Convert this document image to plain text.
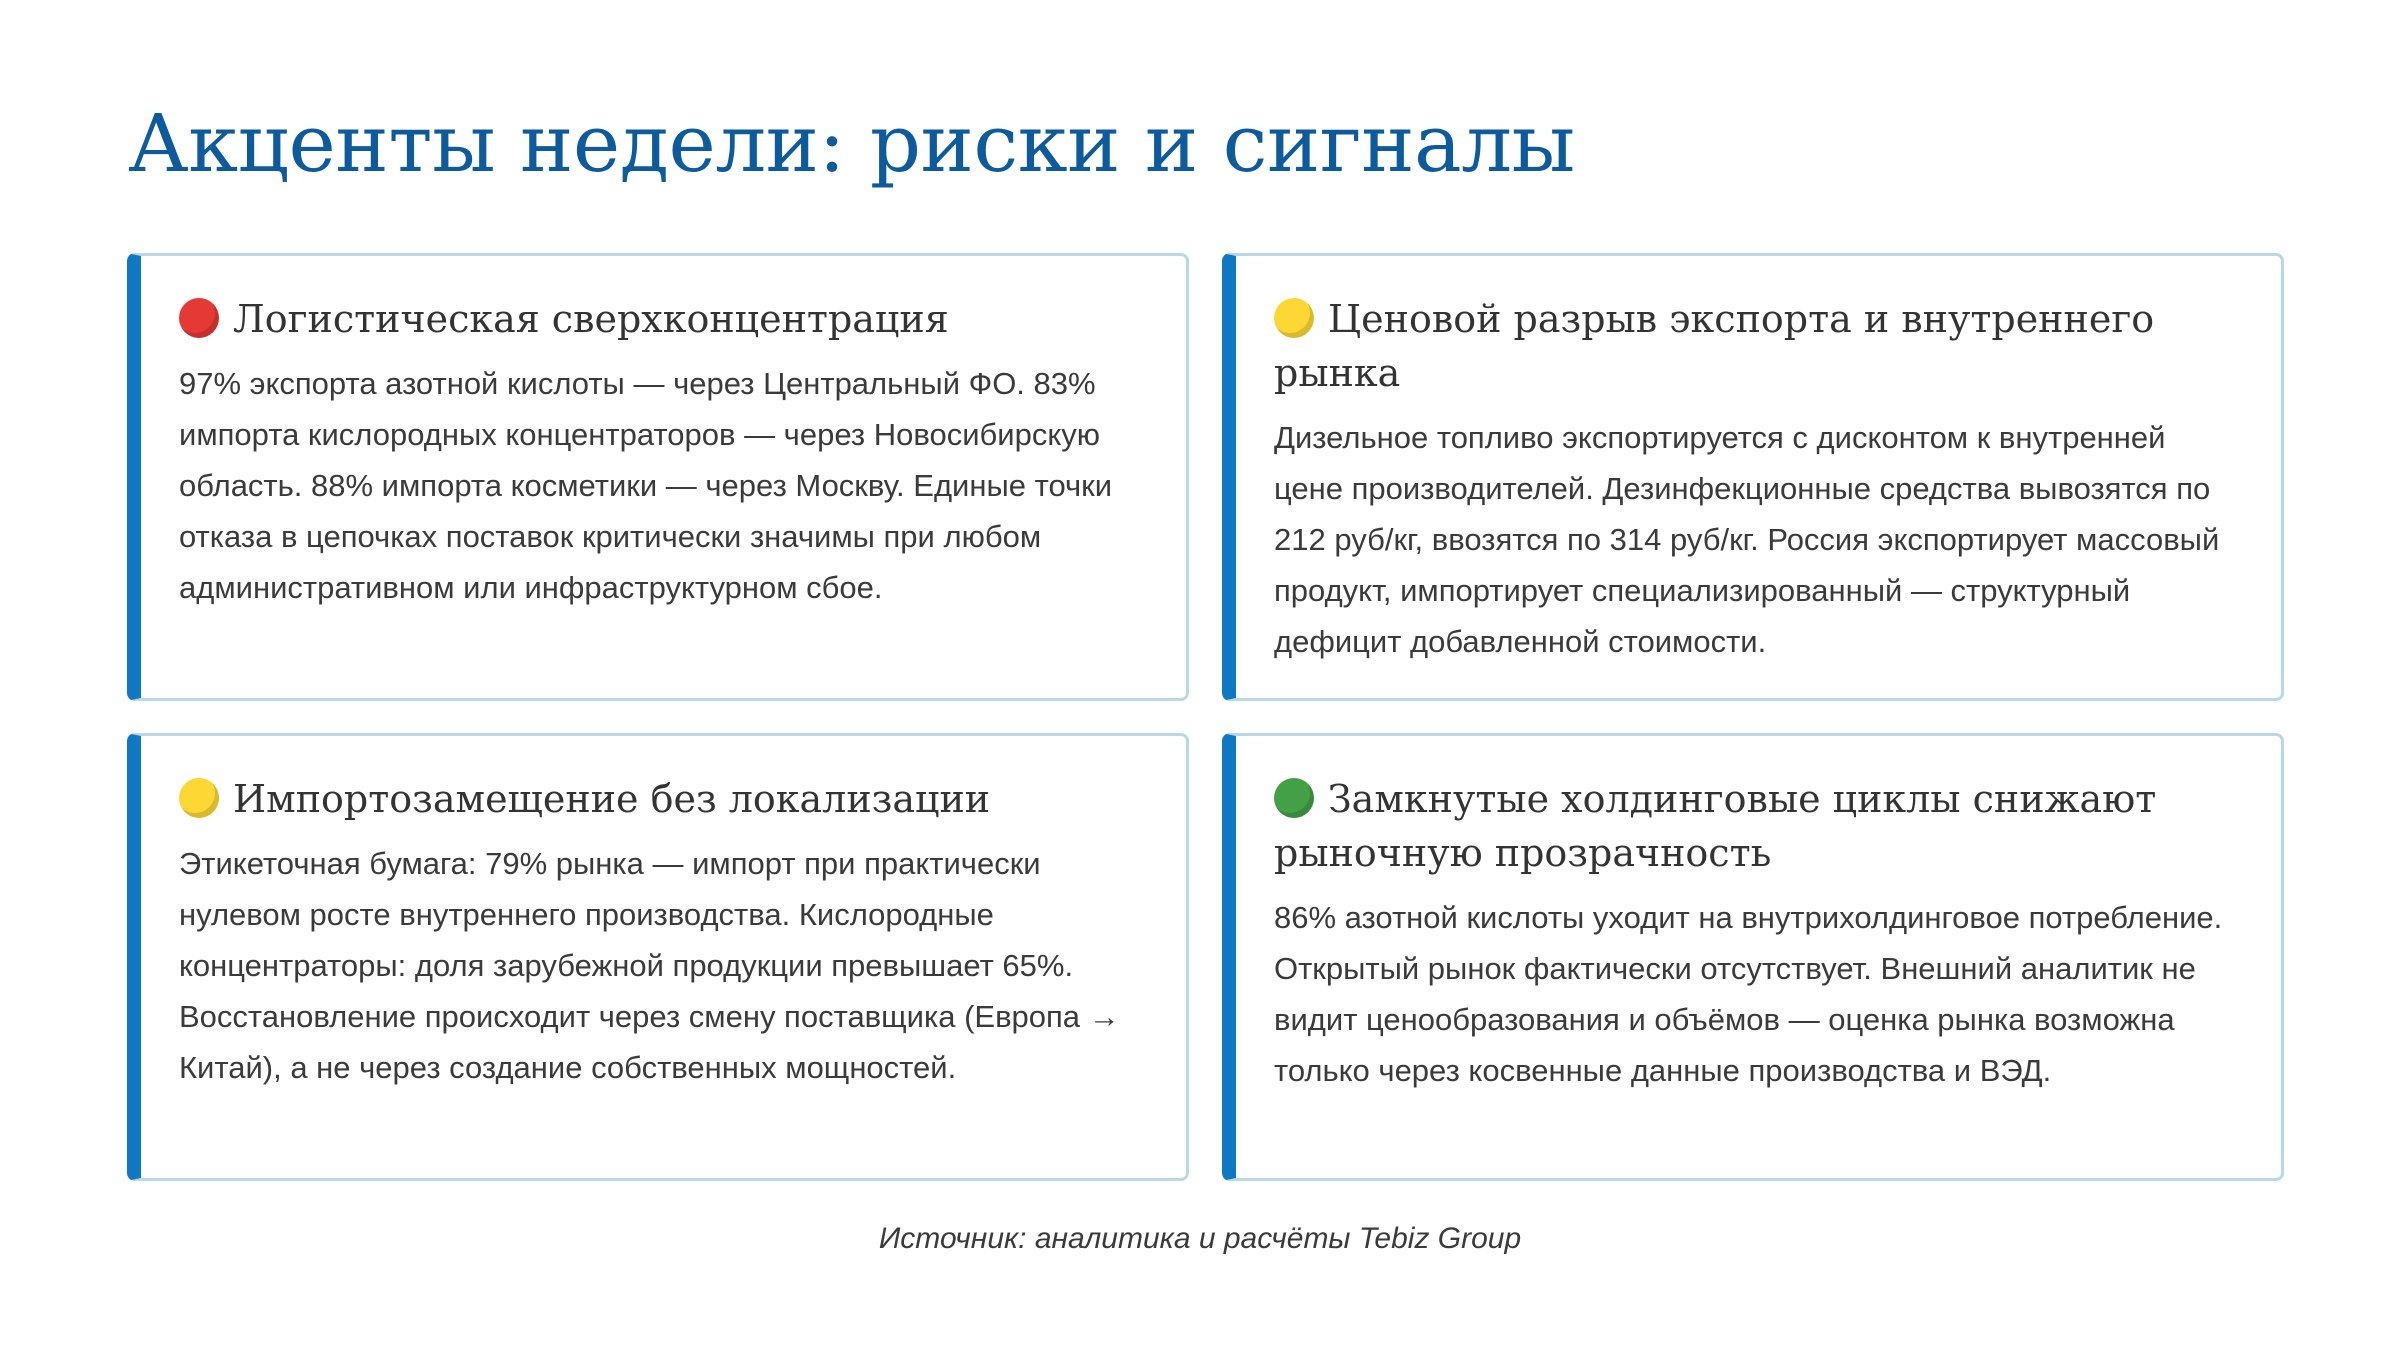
Акценты недели: риски и сигналы
Логистическая сверхконцентрация

97% экспорта азотной кислоты — через Центральный ФО. 83% импорта кислородных концентраторов — через Новосибирскую область. 88% импорта косметики — через Москву. Единые точки отказа в цепочках поставок критически значимы при любом административном или инфраструктурном сбое.

Ценовой разрыв экспорта и внутреннего рынка

Дизельное топливо экспортируется с дисконтом к внутренней цене производителей. Дезинфекционные средства вывозятся по 212 руб/кг, ввозятся по 314 руб/кг. Россия экспортирует массовый продукт, импортирует специализированный — структурный дефицит добавленной стоимости.

Импортозамещение без локализации

Этикеточная бумага: 79% рынка — импорт при практически нулевом росте внутреннего производства. Кислородные концентраторы: доля зарубежной продукции превышает 65%. Восстановление происходит через смену поставщика (Европа → Китай), а не через создание собственных мощностей.

Замкнутые холдинговые циклы снижают рыночную прозрачность

86% азотной кислоты уходит на внутрихолдинговое потребление. Открытый рынок фактически отсутствует. Внешний аналитик не видит ценообразования и объёмов — оценка рынка возможна только через косвенные данные производства и ВЭД.

Источник: аналитика и расчёты Tebiz Group
